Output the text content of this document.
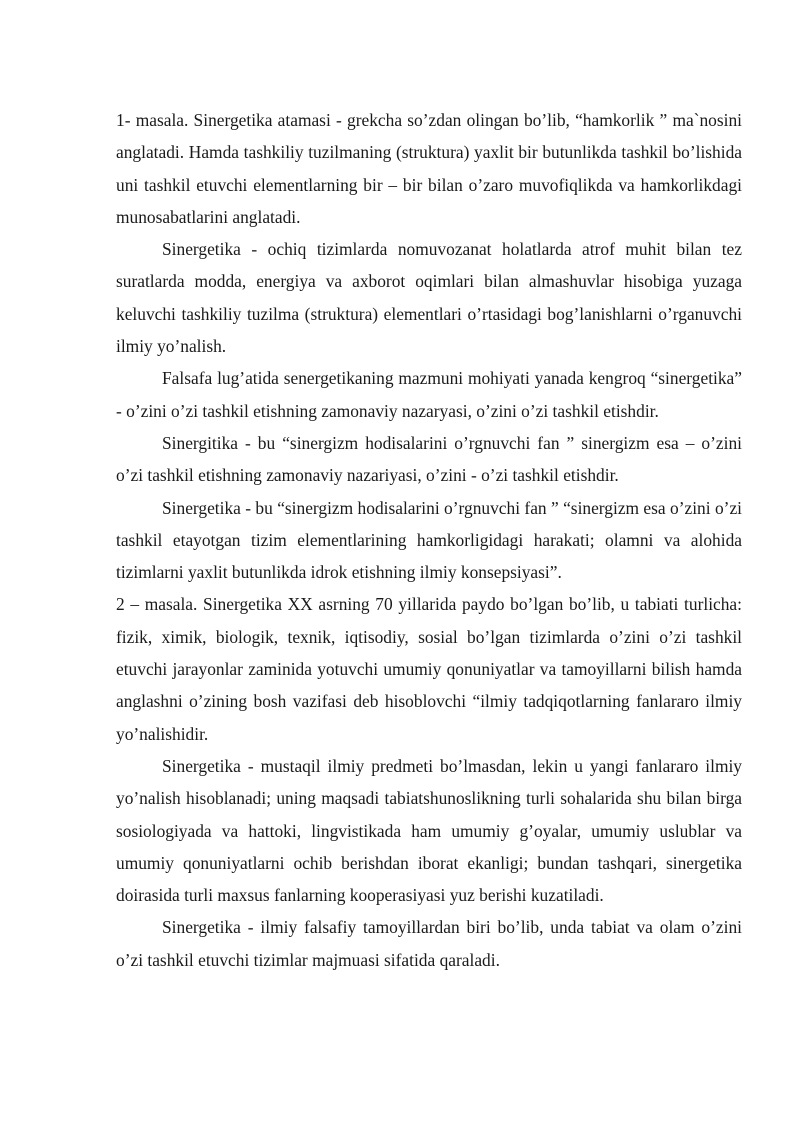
1- masala. Sinergetika atamasi - grekcha so’zdan olingan bo’lib, “hamkorlik ” ma`nosini anglatadi. Hamda tashkiliy tuzilmaning (struktura) yaxlit bir butunlikda tashkil bo’lishida uni tashkil etuvchi elementlarning bir – bir bilan o’zaro muvofiqlikda va hamkorlikdagi munosabatlarini anglatadi.

Sinergetika - ochiq tizimlarda nomuvozanat holatlarda atrof muhit bilan tez suratlarda modda, energiya va axborot oqimlari bilan almashuvlar hisobiga yuzaga keluvchi tashkiliy tuzilma (struktura) elementlari o’rtasidagi bog’lanishlarni o’rganuvchi ilmiy yo’nalish.

Falsafa lug’atida senergetikaning mazmuni mohiyati yanada kengroq “sinergetika” - o’zini o’zi tashkil etishning zamonaviy nazaryasi, o’zini o’zi tashkil etishdir.

Sinergitika - bu “sinergizm hodisalarini o’rgnuvchi fan ” sinergizm esa – o’zini o’zi tashkil etishning zamonaviy nazariyasi, o’zini - o’zi tashkil etishdir.

Sinergetika - bu “sinergizm hodisalarini o’rgnuvchi fan ” “sinergizm esa o’zini o’zi tashkil etayotgan tizim elementlarining hamkorligidagi harakati; olamni va alohida tizimlarni yaxlit butunlikda idrok etishning ilmiy konsepsiyasi”.

2 – masala. Sinergetika XX asrning 70 yillarida paydo bo’lgan bo’lib, u tabiati turlicha: fizik, ximik, biologik, texnik, iqtisodiy, sosial bo’lgan tizimlarda o’zini o’zi tashkil etuvchi jarayonlar zaminida yotuvchi umumiy qonuniyatlar va tamoyillarni bilish hamda anglashni o’zining bosh vazifasi deb hisoblovchi “ilmiy tadqiqotlarning fanlararo ilmiy yo’nalishidir.

Sinergetika - mustaqil ilmiy predmeti bo’lmasdan, lekin u yangi fanlararo ilmiy yo’nalish hisoblanadi; uning maqsadi tabiatshunoslikning turli sohalarida shu bilan birga sosiologiyada va hattoki, lingvistikada ham umumiy g’oyalar, umumiy uslublar va umumiy qonuniyatlarni ochib berishdan iborat ekanligi; bundan tashqari, sinergetika doirasida turli maxsus fanlarning kooperasiyasi yuz berishi kuzatiladi.

Sinergetika - ilmiy falsafiy tamoyillardan biri bo’lib, unda tabiat va olam o’zini o’zi tashkil etuvchi tizimlar majmuasi sifatida qaraladi.
